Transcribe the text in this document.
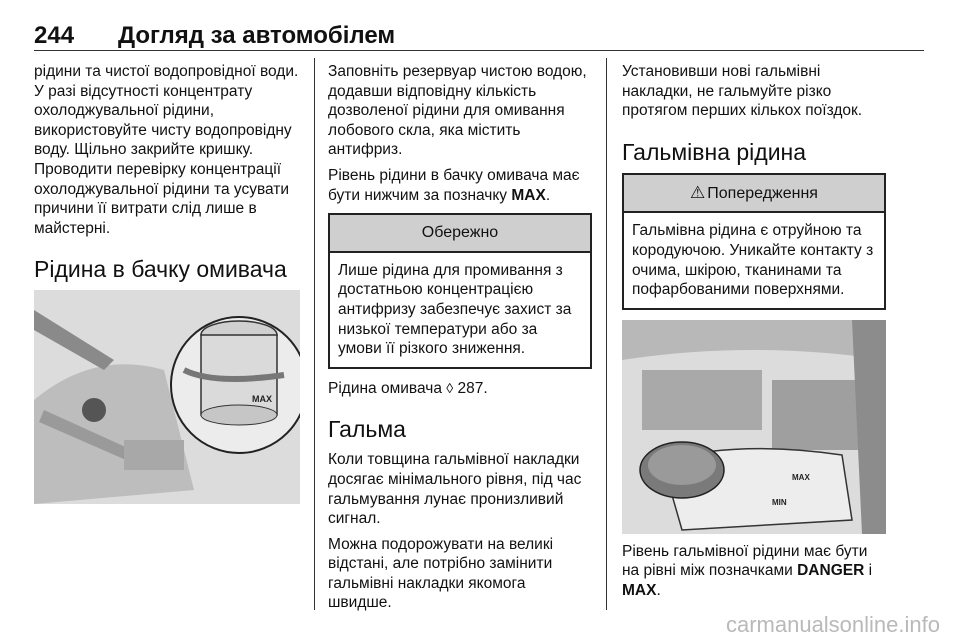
244 Догляд за автомобілем

рідини та чистої водопровідної води. У разі відсутності концентрату охолоджувальної рідини, використовуйте чисту водопровідну воду. Щільно закрийте кришку. Проводити перевірку концентрації охолоджувальної рідини та усувати причини її витрати слід лише в майстерні.

Рідина в бачку омивача
MAX

Заповніть резервуар чистою водою, додавши відповідну кількість дозволеної рідини для омивання лобового скла, яка містить антифриз.

Рівень рідини в бачку омивача має бути нижчим за позначку MAX.

Обережно
Лише рідина для промивання з достатньою концентрацією антифризу забезпечує захист за низької температури або за умови її різкого зниження.

Рідина омивача ◊ 287.

Гальма

Коли товщина гальмівної накладки досягає мінімального рівня, під час гальмування лунає пронизливий сигнал.

Можна подорожувати на великі відстані, але потрібно замінити гальмівні накладки якомога швидше.

Установивши нові гальмівні накладки, не гальмуйте різко протягом перших кількох поїздок.

Гальмівна рідина
⚠ Попередження
Гальмівна рідина є отруйною та кородуючою. Уникайте контакту з очима, шкірою, тканинами та пофарбованими поверхнями.
MAX
MIN

Рівень гальмівної рідини має бути на рівні між позначками DANGER і MAX.

carmanualsonline.info
